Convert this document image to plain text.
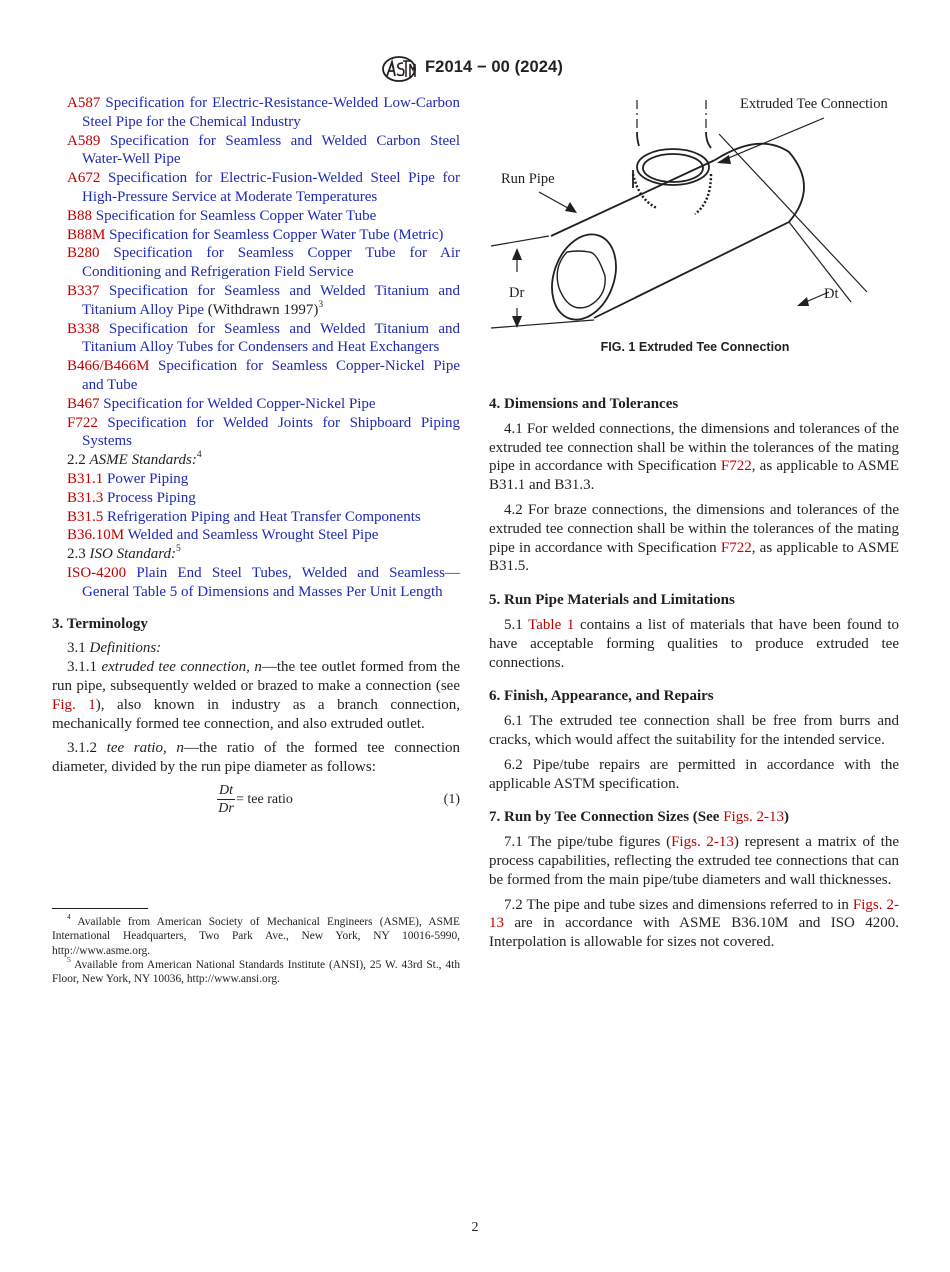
F2014 − 00 (2024)
A587 Specification for Electric-Resistance-Welded Low-Carbon Steel Pipe for the Chemical Industry
A589 Specification for Seamless and Welded Carbon Steel Water-Well Pipe
A672 Specification for Electric-Fusion-Welded Steel Pipe for High-Pressure Service at Moderate Temperatures
B88 Specification for Seamless Copper Water Tube
B88M Specification for Seamless Copper Water Tube (Metric)
B280 Specification for Seamless Copper Tube for Air Conditioning and Refrigeration Field Service
B337 Specification for Seamless and Welded Titanium and Titanium Alloy Pipe (Withdrawn 1997)$^3$
B338 Specification for Seamless and Welded Titanium and Titanium Alloy Tubes for Condensers and Heat Exchangers
B466/B466M Specification for Seamless Copper-Nickel Pipe and Tube
B467 Specification for Welded Copper-Nickel Pipe
F722 Specification for Welded Joints for Shipboard Piping Systems
2.2 ASME Standards:$^4$
B31.1 Power Piping
B31.3 Process Piping
B31.5 Refrigeration Piping and Heat Transfer Components
B36.10M Welded and Seamless Wrought Steel Pipe
2.3 ISO Standard:$^5$
ISO-4200 Plain End Steel Tubes, Welded and Seamless—General Table 5 of Dimensions and Masses Per Unit Length
3. Terminology
3.1 Definitions:

3.1.1 extruded tee connection, n—the tee outlet formed from the run pipe, subsequently welded or brazed to make a connection (see Fig. 1), also known in industry as a branch connection, mechanically formed tee connection, and also extruded outlet.

3.1.2 tee ratio, n—the ratio of the formed tee connection diameter, divided by the run pipe diameter as follows:

Dt
Dr
= tee ratio	(1)
$^4$ Available from American Society of Mechanical Engineers (ASME), ASME International Headquarters, Two Park Ave., New York, NY 10016-5990, http://www.asme.org.
$^5$ Available from American National Standards Institute (ANSI), 25 W. 43rd St., 4th Floor, New York, NY 10036, http://www.ansi.org.
Extruded Tee Connection
Run Pipe
Dr	Dt
FIG. 1 Extruded Tee Connection
4. Dimensions and Tolerances

4.1 For welded connections, the dimensions and tolerances of the extruded tee connection shall be within the tolerances of the mating pipe in accordance with Specification F722, as applicable to ASME B31.1 and B31.3.

4.2 For braze connections, the dimensions and tolerances of the extruded tee connection shall be within the tolerances of the mating pipe in accordance with Specification F722, as applicable to ASME B31.5.

5. Run Pipe Materials and Limitations

5.1 Table 1 contains a list of materials that have been found to have acceptable forming qualities to produce extruded tee connections.

6. Finish, Appearance, and Repairs

6.1 The extruded tee connection shall be free from burrs and cracks, which would affect the suitability for the intended service.

6.2 Pipe/tube repairs are permitted in accordance with the applicable ASTM specification.

7. Run by Tee Connection Sizes (See Figs. 2-13)

7.1 The pipe/tube figures (Figs. 2-13) represent a matrix of the process capabilities, reflecting the extruded tee connections that can be formed from the main pipe/tube diameters and wall thicknesses.

7.2 The pipe and tube sizes and dimensions referred to in Figs. 2-13 are in accordance with ASME B36.10M and ISO 4200. Interpolation is allowable for sizes not covered.

2
